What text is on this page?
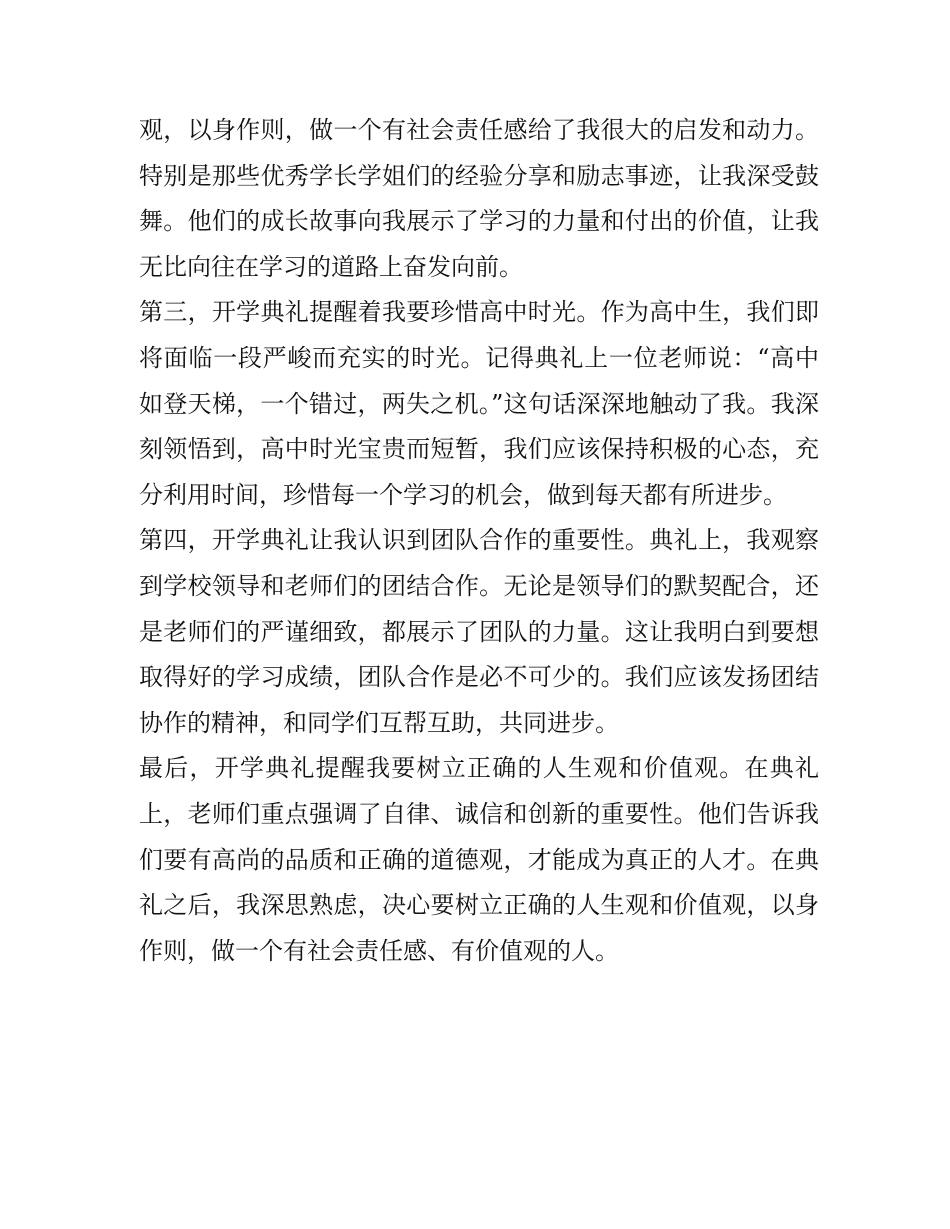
观，以身作则，做一个有社会责任感给了我很大的启发和动力。特别是那些优秀学长学姐们的经验分享和励志事迹，让我深受鼓舞。他们的成长故事向我展示了学习的力量和付出的价值，让我无比向往在学习的道路上奋发向前。

第三，开学典礼提醒着我要珍惜高中时光。作为高中生，我们即将面临一段严峻而充实的时光。记得典礼上一位老师说：“高中如登天梯，一个错过，两失之机。”这句话深深地触动了我。我深刻领悟到，高中时光宝贵而短暂，我们应该保持积极的心态，充分利用时间，珍惜每一个学习的机会，做到每天都有所进步。

第四，开学典礼让我认识到团队合作的重要性。典礼上，我观察到学校领导和老师们的团结合作。无论是领导们的默契配合，还是老师们的严谨细致，都展示了团队的力量。这让我明白到要想取得好的学习成绩，团队合作是必不可少的。我们应该发扬团结协作的精神，和同学们互帮互助，共同进步。

最后，开学典礼提醒我要树立正确的人生观和价值观。在典礼上，老师们重点强调了自律、诚信和创新的重要性。他们告诉我们要有高尚的品质和正确的道德观，才能成为真正的人才。在典礼之后，我深思熟虑，决心要树立正确的人生观和价值观，以身作则，做一个有社会责任感、有价值观的人。
